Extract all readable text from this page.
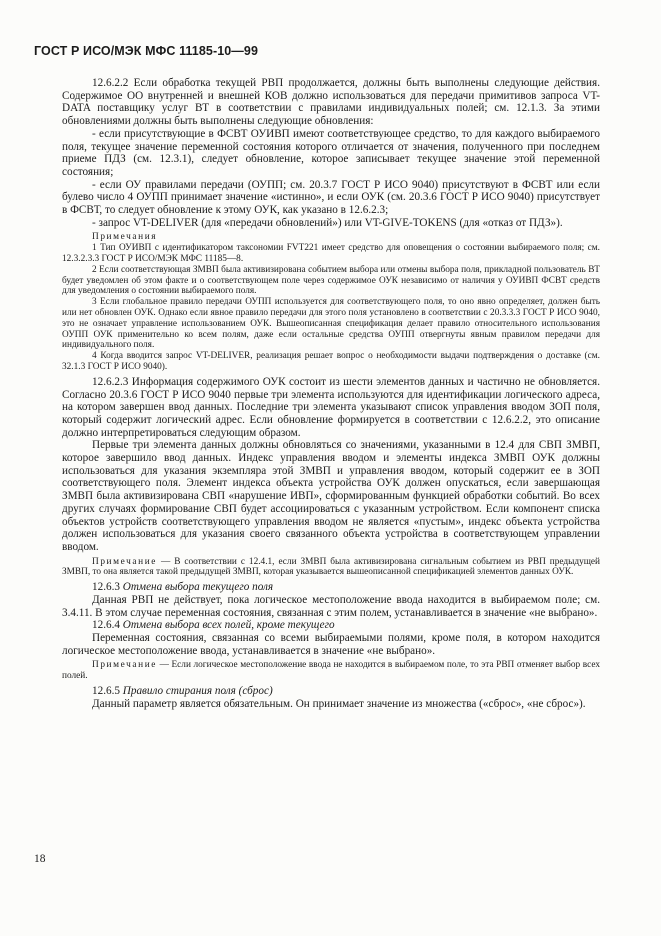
ГОСТ Р ИСО/МЭК МФС 11185-10—99

12.6.2.2 Если обработка текущей РВП продолжается, должны быть выполнены следующие действия. Содержимое ОО внутренней и внешней КОВ должно использоваться для передачи примитивов запроса VT-DATA поставщику услуг ВТ в соответствии с правилами индивидуальных полей; см. 12.1.3. За этими обновлениями должны быть выполнены следующие обновления:

- если присутствующие в ФСВТ ОУИВП имеют соответствующее средство, то для каждого выбираемого поля, текущее значение переменной состояния которого отличается от значения, полученного при последнем приеме ПДЗ (см. 12.3.1), следует обновление, которое записывает текущее значение этой переменной состояния;

- если ОУ правилами передачи (ОУПП; см. 20.3.7 ГОСТ Р ИСО 9040) присутствуют в ФСВТ или если булево число 4 ОУПП принимает значение «истинно», и если ОУК (см. 20.3.6 ГОСТ Р ИСО 9040) присутствует в ФСВТ, то следует обновление к этому ОУК, как указано в 12.6.2.3;

- запрос VT-DELIVER (для «передачи обновлений») или VT-GIVE-TOKENS (для «отказ от ПДЗ»).

Примечания

1 Тип ОУИВП с идентификатором таксономии FVT221 имеет средство для оповещения о состоянии выбираемого поля; см. 12.3.2.3.3 ГОСТ Р ИСО/МЭК МФС 11185—8.

2 Если соответствующая ЗМВП была активизирована событием выбора или отмены выбора поля, прикладной пользователь ВТ будет уведомлен об этом факте и о соответствующем поле через содержимое ОУК независимо от наличия у ОУИВП ФСВТ средств для уведомления о состоянии выбираемого поля.

3 Если глобальное правило передачи ОУПП используется для соответствующего поля, то оно явно определяет, должен быть или нет обновлен ОУК. Однако если явное правило передачи для этого поля установлено в соответствии с 20.3.3.3 ГОСТ Р ИСО 9040, это не означает управление использованием ОУК. Вышеописанная спецификация делает правило относительного использования ОУПП ОУК применительно ко всем полям, даже если остальные средства ОУПП отвергнуты явным правилом передачи для индивидуального поля.

4 Когда вводится запрос VT-DELIVER, реализация решает вопрос о необходимости выдачи подтверждения о доставке (см. 32.1.3 ГОСТ Р ИСО 9040).

12.6.2.3 Информация содержимого ОУК состоит из шести элементов данных и частично не обновляется. Согласно 20.3.6 ГОСТ Р ИСО 9040 первые три элемента используются для идентификации логического адреса, на котором завершен ввод данных. Последние три элемента указывают список управления вводом ЗОП поля, который содержит логический адрес. Если обновление формируется в соответствии с 12.6.2.2, это описание должно интерпретироваться следующим образом.

Первые три элемента данных должны обновляться со значениями, указанными в 12.4 для СВП ЗМВП, которое завершило ввод данных. Индекс управления вводом и элементы индекса ЗМВП ОУК должны использоваться для указания экземпляра этой ЗМВП и управления вводом, который содержит ее в ЗОП соответствующего поля. Элемент индекса объекта устройства ОУК должен опускаться, если завершающая ЗМВП была активизирована СВП «нарушение ИВП», сформированным функцией обработки событий. Во всех других случаях формирование СВП будет ассоциироваться с указанным устройством. Если компонент списка объектов устройств соответствующего управления вводом не является «пустым», индекс объекта устройства должен использоваться для указания своего связанного объекта устройства в соответствующем управлении вводом.

Примечание — В соответствии с 12.4.1, если ЗМВП была активизирована сигнальным событием из РВП предыдущей ЗМВП, то она является такой предыдущей ЗМВП, которая указывается вышеописанной спецификацией элементов данных ОУК.

12.6.3 Отмена выбора текущего поля

Данная РВП не действует, пока логическое местоположение ввода находится в выбираемом поле; см. 3.4.11. В этом случае переменная состояния, связанная с этим полем, устанавливается в значение «не выбрано».

12.6.4 Отмена выбора всех полей, кроме текущего

Переменная состояния, связанная со всеми выбираемыми полями, кроме поля, в котором находится логическое местоположение ввода, устанавливается в значение «не выбрано».

Примечание — Если логическое местоположение ввода не находится в выбираемом поле, то эта РВП отменяет выбор всех полей.

12.6.5 Правило стирания поля (сброс)

Данный параметр является обязательным. Он принимает значение из множества («сброс», «не сброс»).

18
